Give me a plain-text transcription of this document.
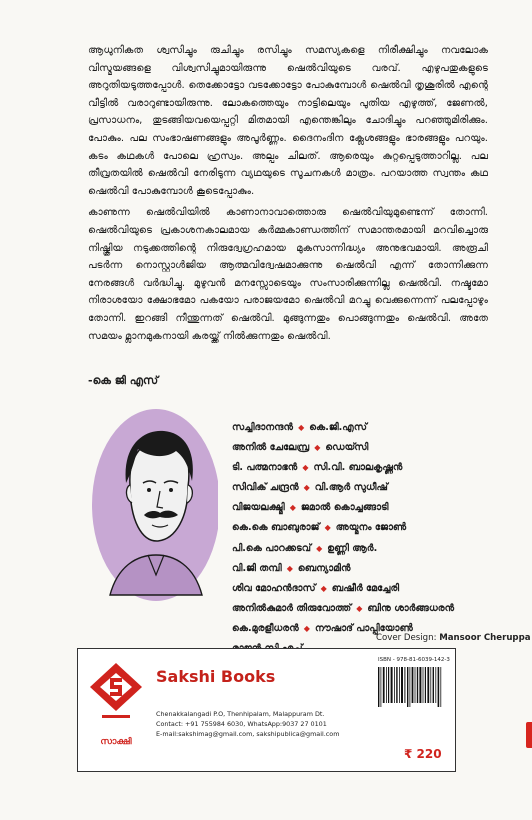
ആധുനികത ശ്വസിച്ചും രുചിച്ചും രസിച്ചും സമസ്യകളെ നിരീക്ഷിച്ചും നവലോക വിസ്മയങ്ങളെ വിശ്വസിച്ചുമായിരുന്നു ഷെൽവിയുടെ വരവ്. എഴുപതുകളുടെ അറുതിയടുത്തപ്പോൾ. തെക്കോട്ടോ വടക്കോട്ടോ പോകുമ്പോൾ ഷെൽവി തൃശൂരിൽ എന്റെ വീട്ടിൽ വരാറുണ്ടായിരുന്നു. ലോകത്തെയും നാട്ടിലെയും പുതിയ എഴുത്ത്, ജേണൽ, പ്രസാധനം, തുടങ്ങിയവയെപ്പറ്റി മിതമായി എന്തെങ്കിലും ചോദിച്ചും പറഞ്ഞുമിരിക്കും. പോകും. പല സംഭാഷണങ്ങളും അപൂർണ്ണം. ദൈനംദിന ക്ലേശങ്ങളും ഭാരങ്ങളും പറയും. കടം കഥകൾ പോലെ ഹ്രസ്വം. അല്പം ചിലത്. ആരെയും കുറ്റപ്പെടുത്താറില്ല. പല തീവ്രതയിൽ ഷെൽവി നേരിടുന്ന വ്യഥയുടെ സൂചനകൾ മാത്രം. പറയാത്ത സ്വന്തം കഥ ഷെൽവി പോകുമ്പോൾ കൂടെപ്പോകും.

കാണുന്ന ഷെൽവിയിൽ കാണാനാവാത്തൊരു ഷെൽവിയുമുണ്ടെന്ന് തോന്നി. ഷെൽവിയുടെ പ്രകാശനകാലമായ കർമ്മകാണ്ഡത്തിന് സമാന്തരമായി മറവിച്ചൊരു നിഷ്ക്രിയ നടുക്കത്തിന്റെ നിരുദ്വേഗ്രഹമായ മുകസാന്നിദ്ധ്യം അനുഭവമായി. അരൂചി പടർന്ന നൊസ്റ്റാൾജിയ ആത്മവിദ്വേഷമാക്കുന്നു ഷെൽവി എന്ന് തോന്നിക്കുന്ന നേരങ്ങൾ വർദ്ധിച്ചു. മുഴുവൻ മനസ്സോടെയും സംസാരിക്കുന്നില്ല ഷെൽവി. നഷ്ടമോ നിരാശയോ ക്ഷോഭമോ പകയോ പരാജയമോ ഷെൽവി മറച്ചു വെക്കുന്നെന്ന് പലപ്പോഴും തോന്നി. ഇറങ്ങി നീന്തുന്നത് ഷെൽവി. മുങ്ങുന്നതും പൊങ്ങുന്നതും ഷെൽവി. അതേ സമയം മ്ലാനമുകനായി കരയ്ക്ക് നിൽക്കുന്നതും ഷെൽവി.

-കെ ജി എസ്
സച്ചിദാനന്ദൻ ◆ കെ.ജി.എസ്
അനിൽ ചേലേമ്പ്ര ◆ ഡെയ്സി
ടി. പത്മനാഭൻ ◆ സി.വി. ബാലകൃഷ്ണൻ
സിവിക് ചന്ദ്രൻ ◆ വി.ആർ സുധീഷ്
വിജയലക്ഷ്മി ◆ ജമാൽ കൊച്ചങ്ങാടി
കെ.കെ ബാബുരാജ് ◆ അയ്മനം ജോൺ
പി.കെ പാറക്കടവ് ◆ ഉണ്ണി ആർ.
വി.ജി തമ്പി ◆ ബെന്യാമിൻ
ശിവ മോഹൻദാസ് ◆ ബഷീർ മേച്ചേരി
അനിൽകുമാർ തിരുവോത്ത് ◆ ബിനു ശാർങ്ങധരൻ
കെ.മുരളീധരൻ ◆ നൗഷാദ് പാപ്പിയോൺ
Cover Design: Mansoor Cheruppa
സാക്ഷി
Sakshi Books
Chenakkalangadi P.O, Thenhipalam, Malappuram Dt.
Contact: +91 755984 6030, WhatsApp:9037 27 0101
E-mail:sakshimag@gmail.com, sakshipublica@gmail.com
ISBN - 978-81-6039-142-3
₹ 220
